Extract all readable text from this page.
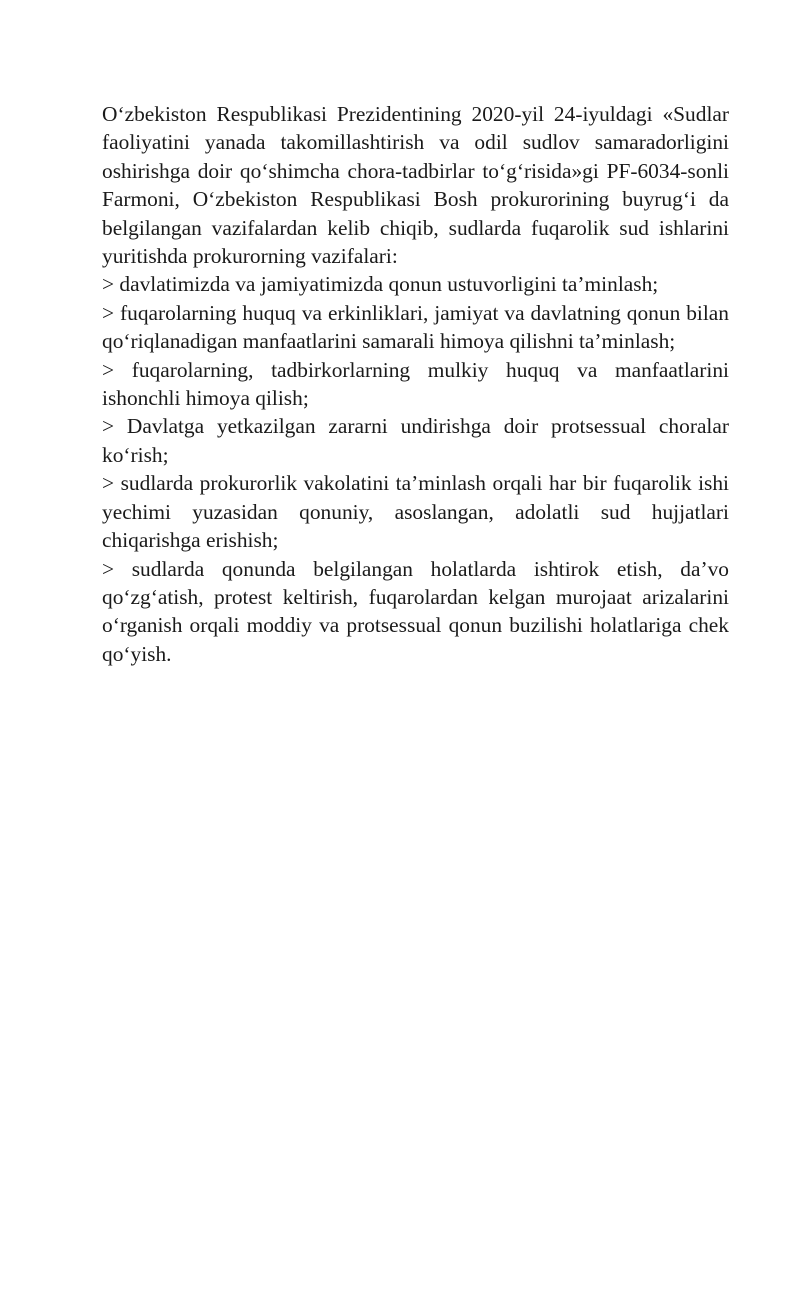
O‘zbekiston Respublikasi Prezidentining 2020-yil 24-iyuldagi «Sudlar faoliyatini yanada takomillashtirish va odil sudlov samaradorligini oshirishga doir qo‘shimcha chora-tadbirlar to‘g‘risida»gi PF-6034-sonli Farmoni, O‘zbekiston Respublikasi Bosh prokurorining buyrug‘i da belgilangan vazifalardan kelib chiqib, sudlarda fuqarolik sud ishlarini yuritishda prokurorning vazifalari:

> davlatimizda va jamiyatimizda qonun ustuvorligini ta’minlash;

> fuqarolarning huquq va erkinliklari, jamiyat va davlatning qonun bilan qo‘riqlanadigan manfaatlarini samarali himoya qilishni ta’minlash;

> fuqarolarning, tadbirkorlarning mulkiy huquq va manfaatlarini ishonchli himoya qilish;

> Davlatga yetkazilgan zararni undirishga doir protsessual choralar ko‘rish;

> sudlarda prokurorlik vakolatini ta’minlash orqali har bir fuqarolik ishi yechimi yuzasidan qonuniy, asoslangan, adolatli sud hujjatlari chiqarishga erishish;

> sudlarda qonunda belgilangan holatlarda ishtirok etish, da’vo qo‘zg‘atish, protest keltirish, fuqarolardan kelgan murojaat arizalarini o‘rganish orqali moddiy va protsessual qonun buzilishi holatlariga chek qo‘yish.
